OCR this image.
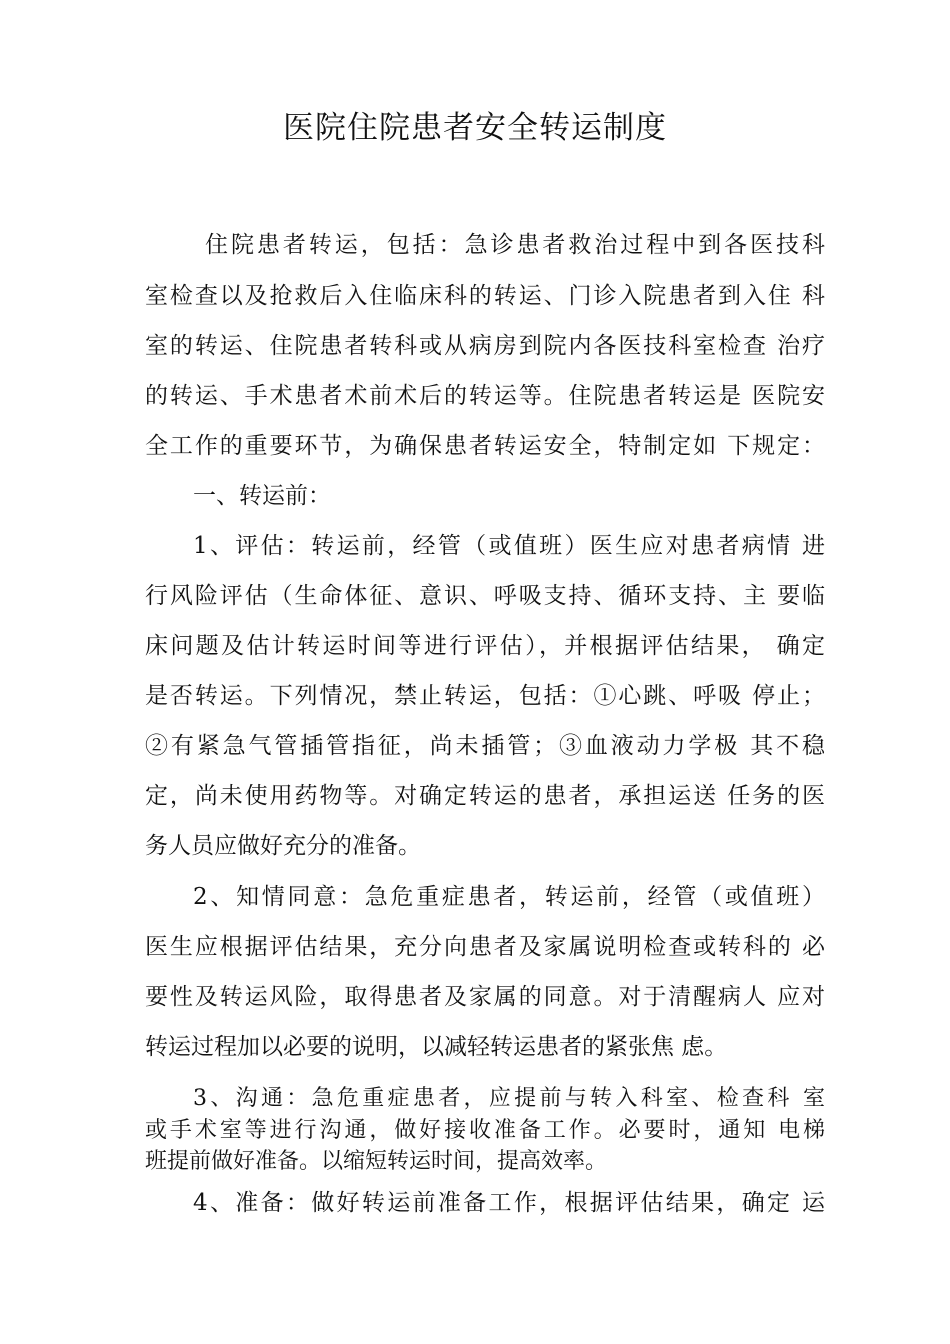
医院住院患者安全转运制度
住院患者转运，包括：急诊患者救治过程中到各医技科
室检查以及抢救后入住临床科的转运、门诊入院患者到入住 科
室的转运、住院患者转科或从病房到院内各医技科室检查 治疗
的转运、手术患者术前术后的转运等。住院患者转运是 医院安
全工作的重要环节，为确保患者转运安全，特制定如 下规定：
一、转运前：
1、评估：转运前，经管（或值班）医生应对患者病情 进
行风险评估（生命体征、意识、呼吸支持、循环支持、主 要临
床问题及估计转运时间等进行评估），并根据评估结果， 确定
是否转运。下列情况，禁止转运，包括：①心跳、呼吸 停止；
②有紧急气管插管指征，尚未插管；③血液动力学极 其不稳
定，尚未使用药物等。对确定转运的患者，承担运送 任务的医
务人员应做好充分的准备。
2、知情同意：急危重症患者，转运前，经管（或值班）
医生应根据评估结果，充分向患者及家属说明检查或转科的 必
要性及转运风险，取得患者及家属的同意。对于清醒病人 应对
转运过程加以必要的说明，以减轻转运患者的紧张焦 虑。
3、沟通：急危重症患者，应提前与转入科室、检查科 室
或手术室等进行沟通，做好接收准备工作。必要时，通知 电梯
班提前做好准备。以缩短转运时间，提高效率。
4、准备：做好转运前准备工作，根据评估结果，确定 运
